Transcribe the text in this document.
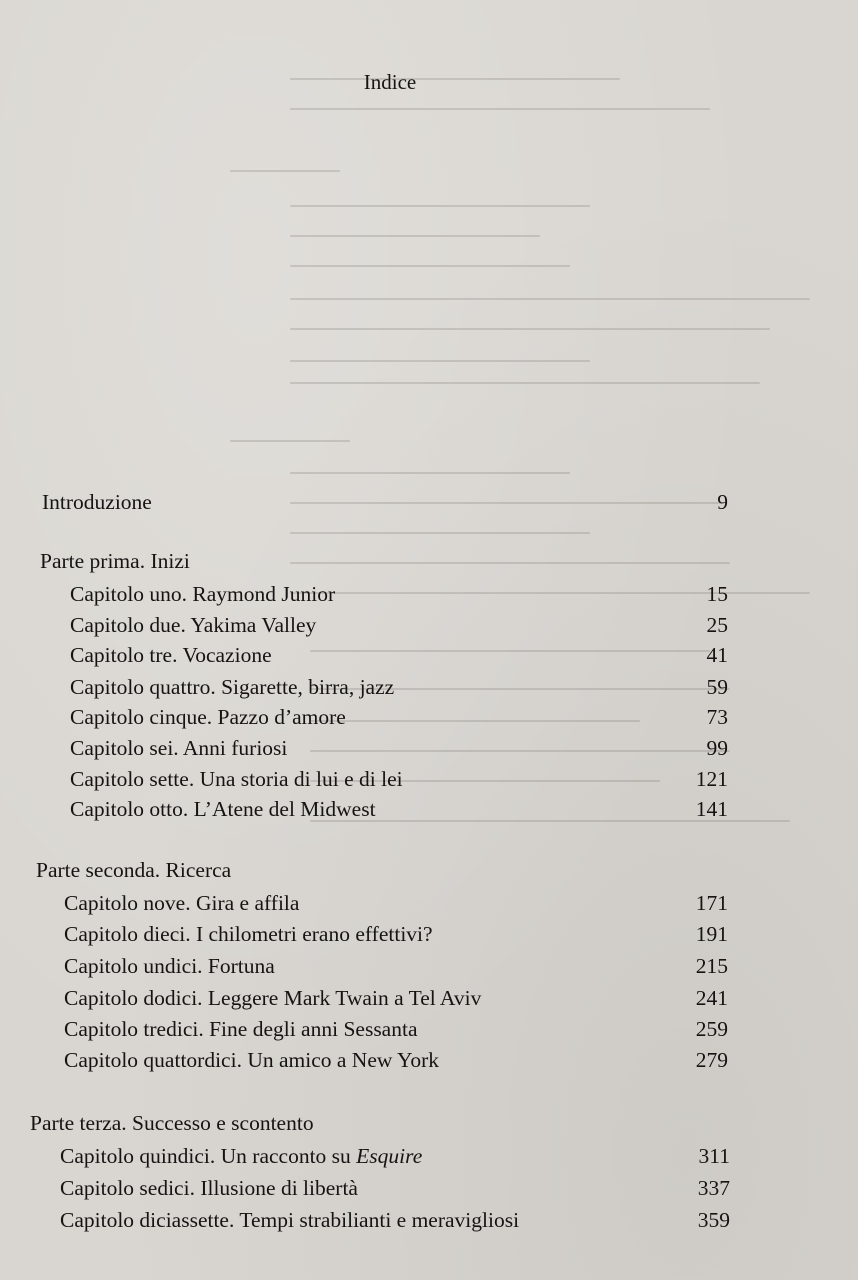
Indice
Introduzione	9
Parte prima. Inizi
Capitolo uno. Raymond Junior	15
Capitolo due. Yakima Valley	25
Capitolo tre. Vocazione	41
Capitolo quattro. Sigarette, birra, jazz	59
Capitolo cinque. Pazzo d’amore	73
Capitolo sei. Anni furiosi	99
Capitolo sette. Una storia di lui e di lei	121
Capitolo otto. L’Atene del Midwest	141
Parte seconda. Ricerca
Capitolo nove. Gira e affila	171
Capitolo dieci. I chilometri erano effettivi?	191
Capitolo undici. Fortuna	215
Capitolo dodici. Leggere Mark Twain a Tel Aviv	241
Capitolo tredici. Fine degli anni Sessanta	259
Capitolo quattordici. Un amico a New York	279
Parte terza. Successo e scontento
Capitolo quindici. Un racconto su Esquire	311
Capitolo sedici. Illusione di libertà	337
Capitolo diciassette. Tempi strabilianti e meravigliosi	359
